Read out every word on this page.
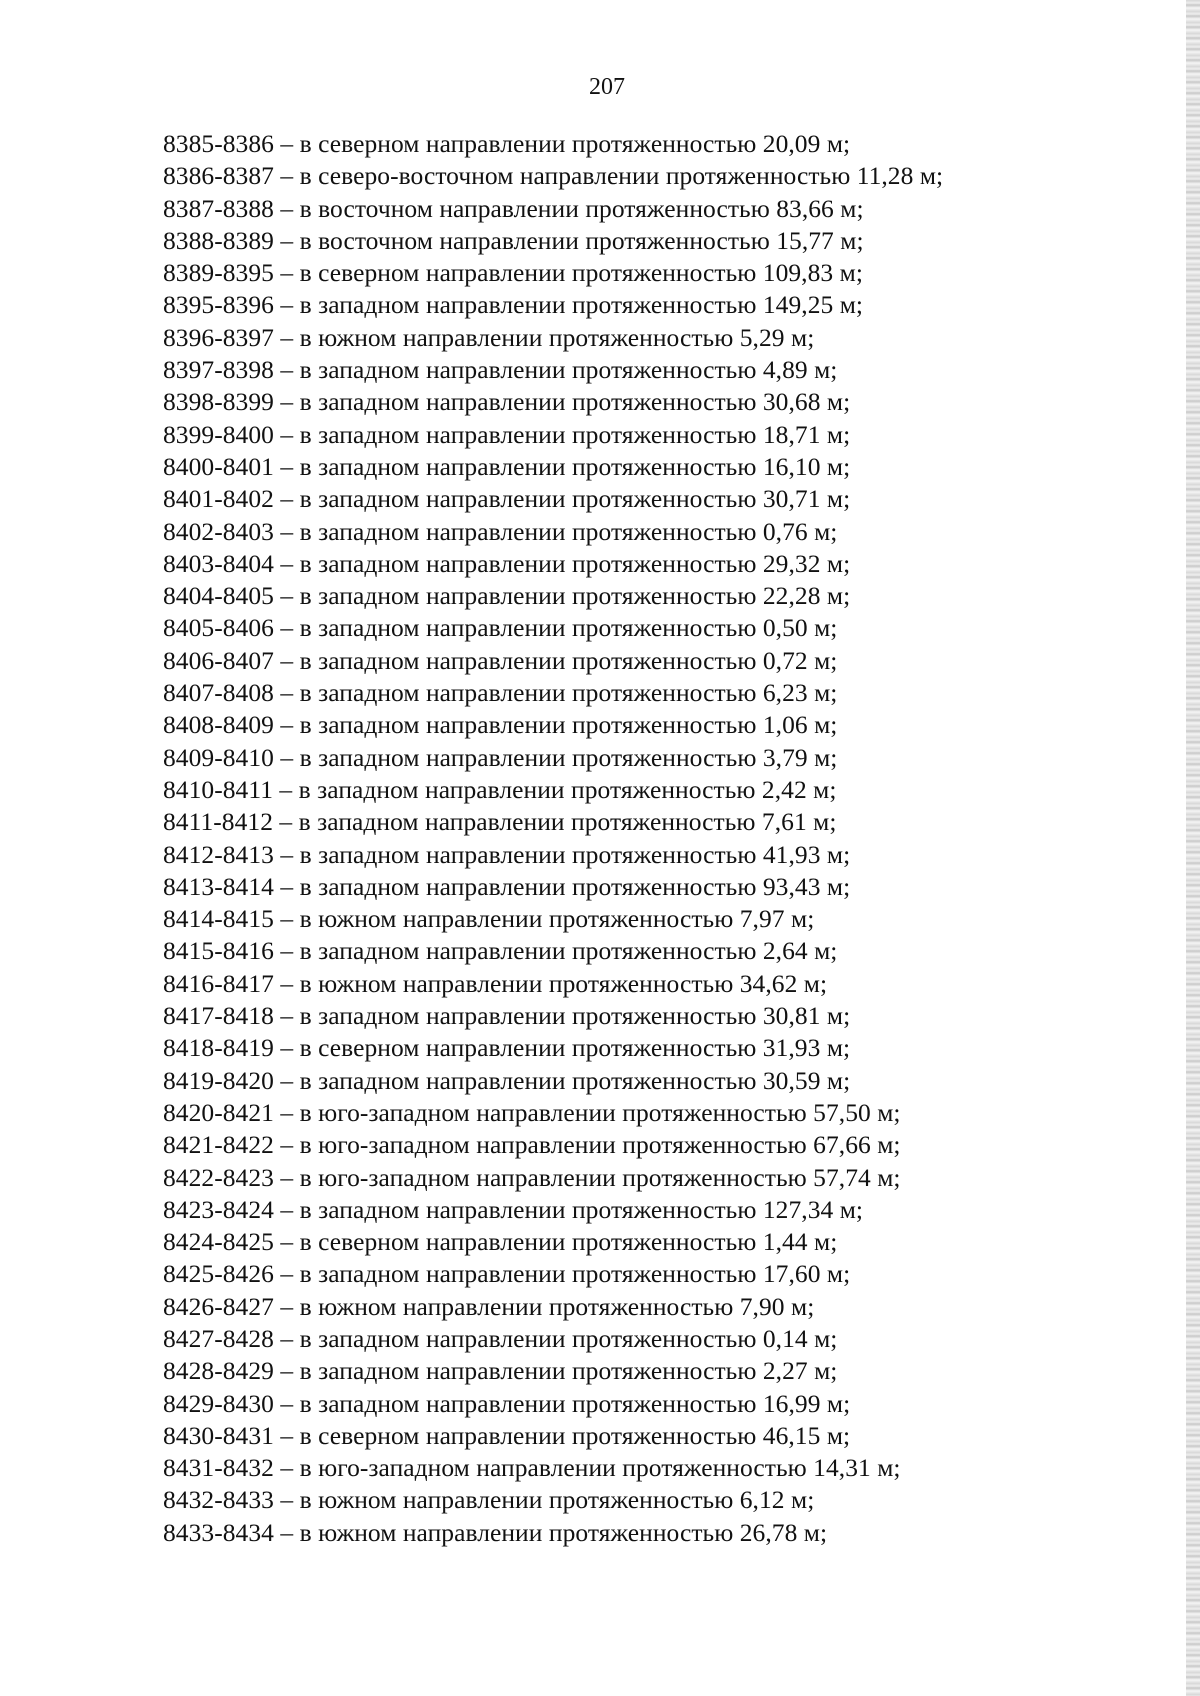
207
8385-8386 – в северном направлении протяженностью 20,09 м;
8386-8387 – в северо-восточном направлении протяженностью 11,28 м;
8387-8388 – в восточном направлении протяженностью 83,66 м;
8388-8389 – в восточном направлении протяженностью 15,77 м;
8389-8395 – в северном направлении протяженностью 109,83 м;
8395-8396 – в западном направлении протяженностью 149,25 м;
8396-8397 – в южном направлении протяженностью 5,29 м;
8397-8398 – в западном направлении протяженностью 4,89 м;
8398-8399 – в западном направлении протяженностью 30,68 м;
8399-8400 – в западном направлении протяженностью 18,71 м;
8400-8401 – в западном направлении протяженностью 16,10 м;
8401-8402 – в западном направлении протяженностью 30,71 м;
8402-8403 – в западном направлении протяженностью 0,76 м;
8403-8404 – в западном направлении протяженностью 29,32 м;
8404-8405 – в западном направлении протяженностью 22,28 м;
8405-8406 – в западном направлении протяженностью 0,50 м;
8406-8407 – в западном направлении протяженностью 0,72 м;
8407-8408 – в западном направлении протяженностью 6,23 м;
8408-8409 – в западном направлении протяженностью 1,06 м;
8409-8410 – в западном направлении протяженностью 3,79 м;
8410-8411 – в западном направлении протяженностью 2,42 м;
8411-8412 – в западном направлении протяженностью 7,61 м;
8412-8413 – в западном направлении протяженностью 41,93 м;
8413-8414 – в западном направлении протяженностью 93,43 м;
8414-8415 – в южном направлении протяженностью 7,97 м;
8415-8416 – в западном направлении протяженностью 2,64 м;
8416-8417 – в южном направлении протяженностью 34,62 м;
8417-8418 – в западном направлении протяженностью 30,81 м;
8418-8419 – в северном направлении протяженностью 31,93 м;
8419-8420 – в западном направлении протяженностью 30,59 м;
8420-8421 – в юго-западном направлении протяженностью 57,50 м;
8421-8422 – в юго-западном направлении протяженностью 67,66 м;
8422-8423 – в юго-западном направлении протяженностью 57,74 м;
8423-8424 – в западном направлении протяженностью 127,34 м;
8424-8425 – в северном направлении протяженностью 1,44 м;
8425-8426 – в западном направлении протяженностью 17,60 м;
8426-8427 – в южном направлении протяженностью 7,90 м;
8427-8428 – в западном направлении протяженностью 0,14 м;
8428-8429 – в западном направлении протяженностью 2,27 м;
8429-8430 – в западном направлении протяженностью 16,99 м;
8430-8431 – в северном направлении протяженностью 46,15 м;
8431-8432 – в юго-западном направлении протяженностью 14,31 м;
8432-8433 – в южном направлении протяженностью 6,12 м;
8433-8434 – в южном направлении протяженностью 26,78 м;
